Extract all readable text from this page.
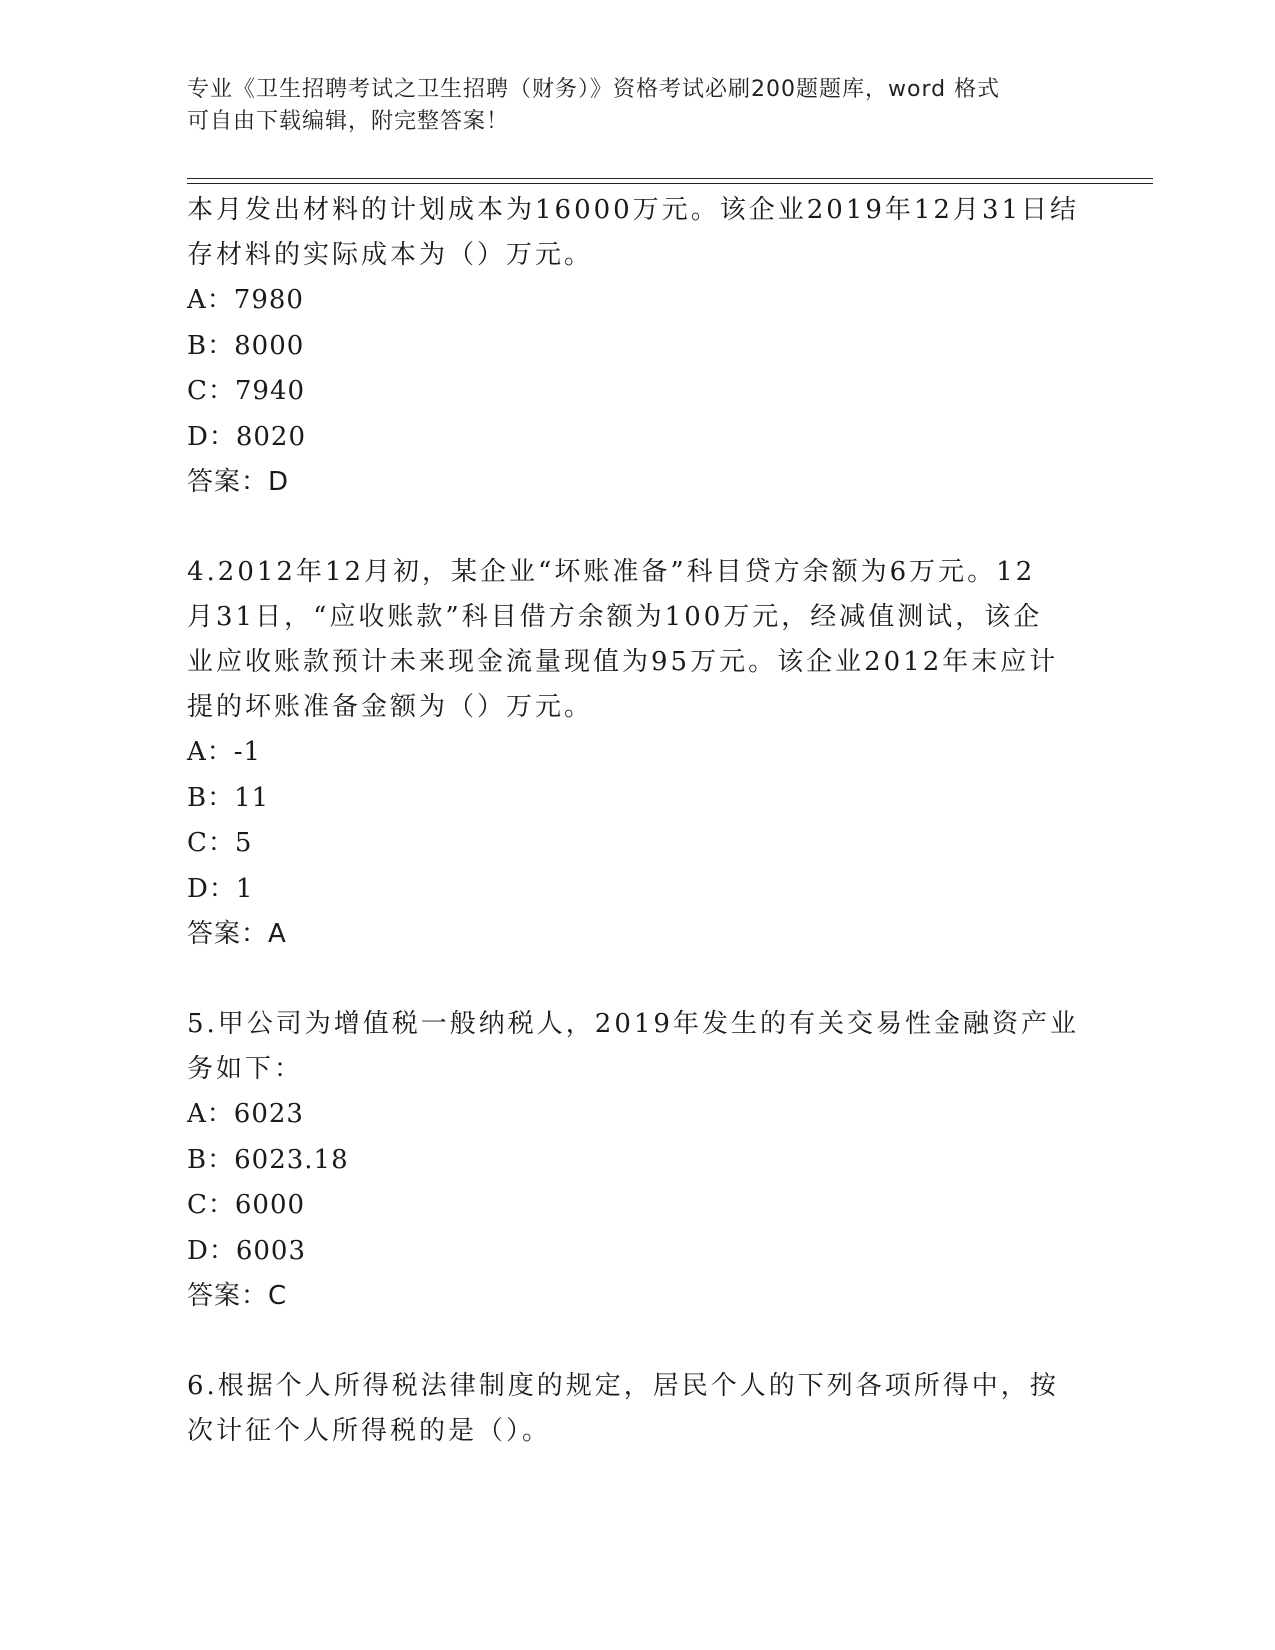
专业《卫生招聘考试之卫生招聘（财务）》资格考试必刷200题题库，word 格式
可自由下载编辑，附完整答案！

本月发出材料的计划成本为16000万元。该企业2019年12月31日结

存材料的实际成本为（）万元。

A：7980

B：8000

C：7940

D：8020

答案：D

4.2012年12月初，某企业“坏账准备”科目贷方余额为6万元。12

月31日，“应收账款”科目借方余额为100万元，经减值测试，该企

业应收账款预计未来现金流量现值为95万元。该企业2012年末应计

提的坏账准备金额为（）万元。

A：-1

B：11

C：5

D：1

答案：A

5.甲公司为增值税一般纳税人，2019年发生的有关交易性金融资产业

务如下：

A：6023

B：6023.18

C：6000

D：6003

答案：C

6.根据个人所得税法律制度的规定，居民个人的下列各项所得中，按

次计征个人所得税的是（）。
